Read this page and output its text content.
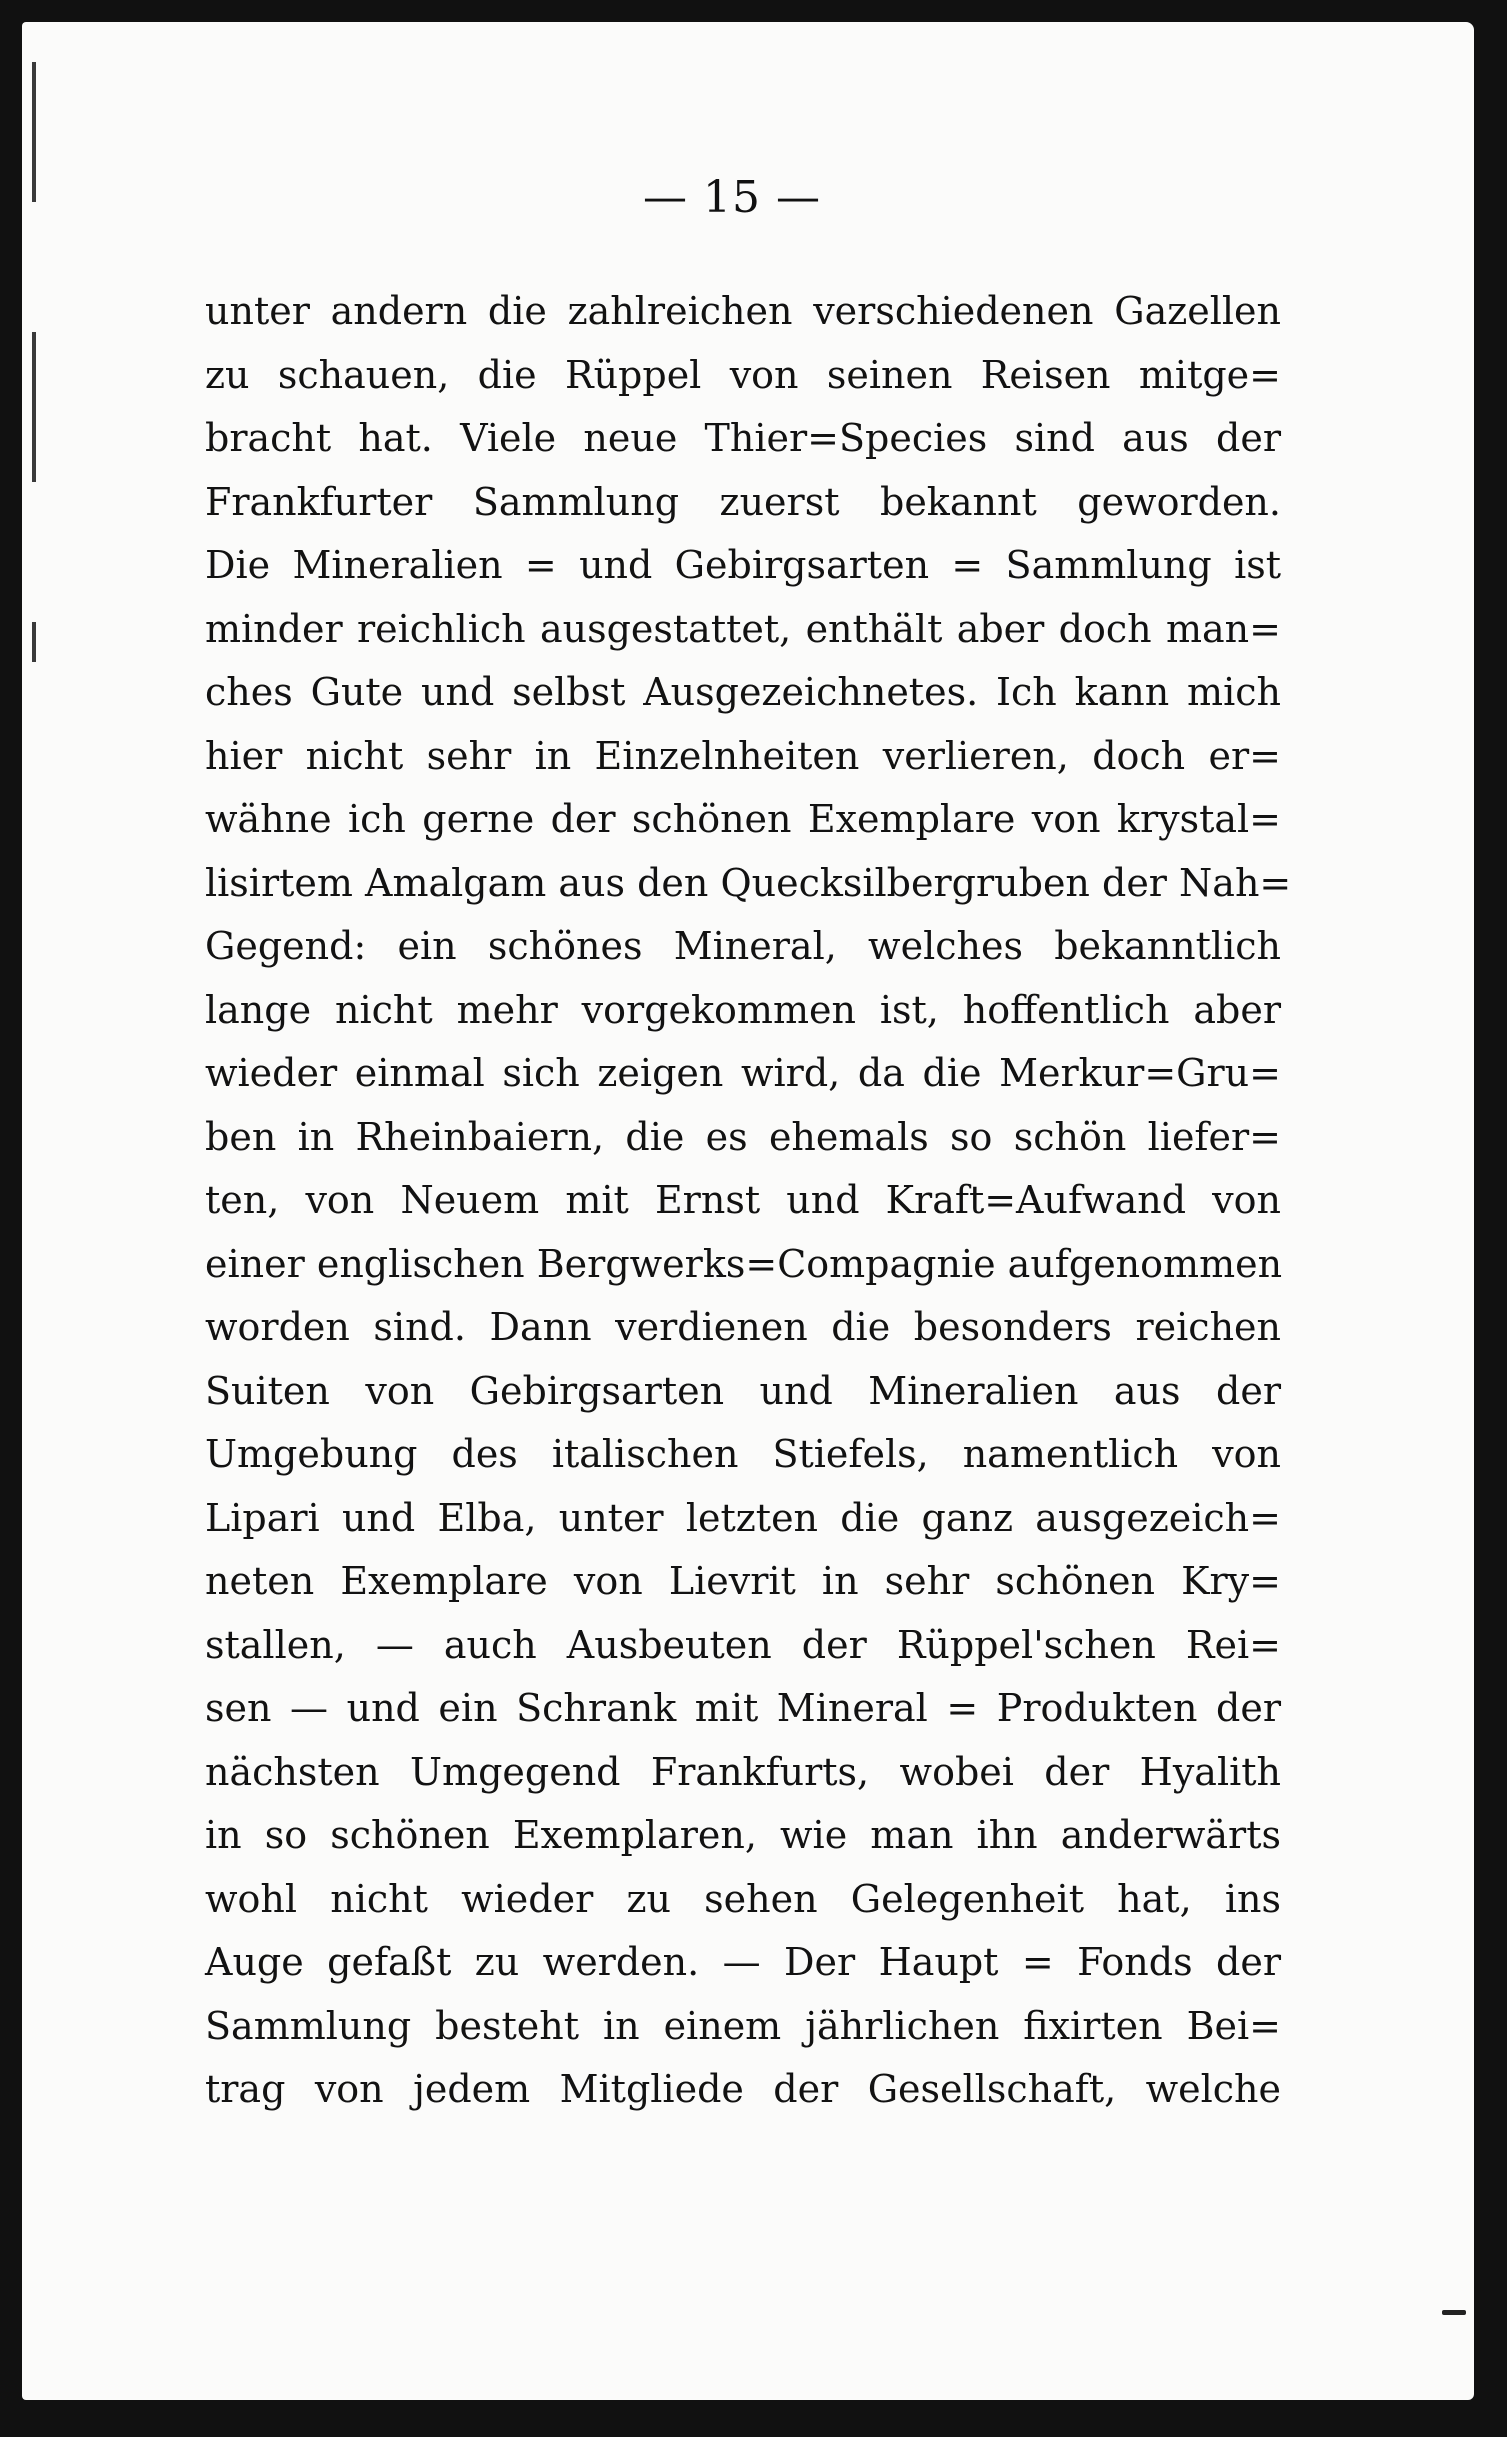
— 15 —
unter andern die zahlreichen verschiedenen Gazellen
zu schauen, die Rüppel von seinen Reisen mitge=
bracht hat. Viele neue Thier=Species sind aus der
Frankfurter Sammlung zuerst bekannt geworden.
Die Mineralien = und Gebirgsarten = Sammlung ist
minder reichlich ausgestattet, enthält aber doch man=
ches Gute und selbst Ausgezeichnetes. Ich kann mich
hier nicht sehr in Einzelnheiten verlieren, doch er=
wähne ich gerne der schönen Exemplare von krystal=
lisirtem Amalgam aus den Quecksilbergruben der Nah=
Gegend: ein schönes Mineral, welches bekanntlich
lange nicht mehr vorgekommen ist, hoffentlich aber
wieder einmal sich zeigen wird, da die Merkur=Gru=
ben in Rheinbaiern, die es ehemals so schön liefer=
ten, von Neuem mit Ernst und Kraft=Aufwand von
einer englischen Bergwerks=Compagnie aufgenommen
worden sind. Dann verdienen die besonders reichen
Suiten von Gebirgsarten und Mineralien aus der
Umgebung des italischen Stiefels, namentlich von
Lipari und Elba, unter letzten die ganz ausgezeich=
neten Exemplare von Lievrit in sehr schönen Kry=
stallen, — auch Ausbeuten der Rüppel'schen Rei=
sen — und ein Schrank mit Mineral = Produkten der
nächsten Umgegend Frankfurts, wobei der Hyalith
in so schönen Exemplaren, wie man ihn anderwärts
wohl nicht wieder zu sehen Gelegenheit hat, ins
Auge gefaßt zu werden. — Der Haupt = Fonds der
Sammlung besteht in einem jährlichen fixirten Bei=
trag von jedem Mitgliede der Gesellschaft, welche
